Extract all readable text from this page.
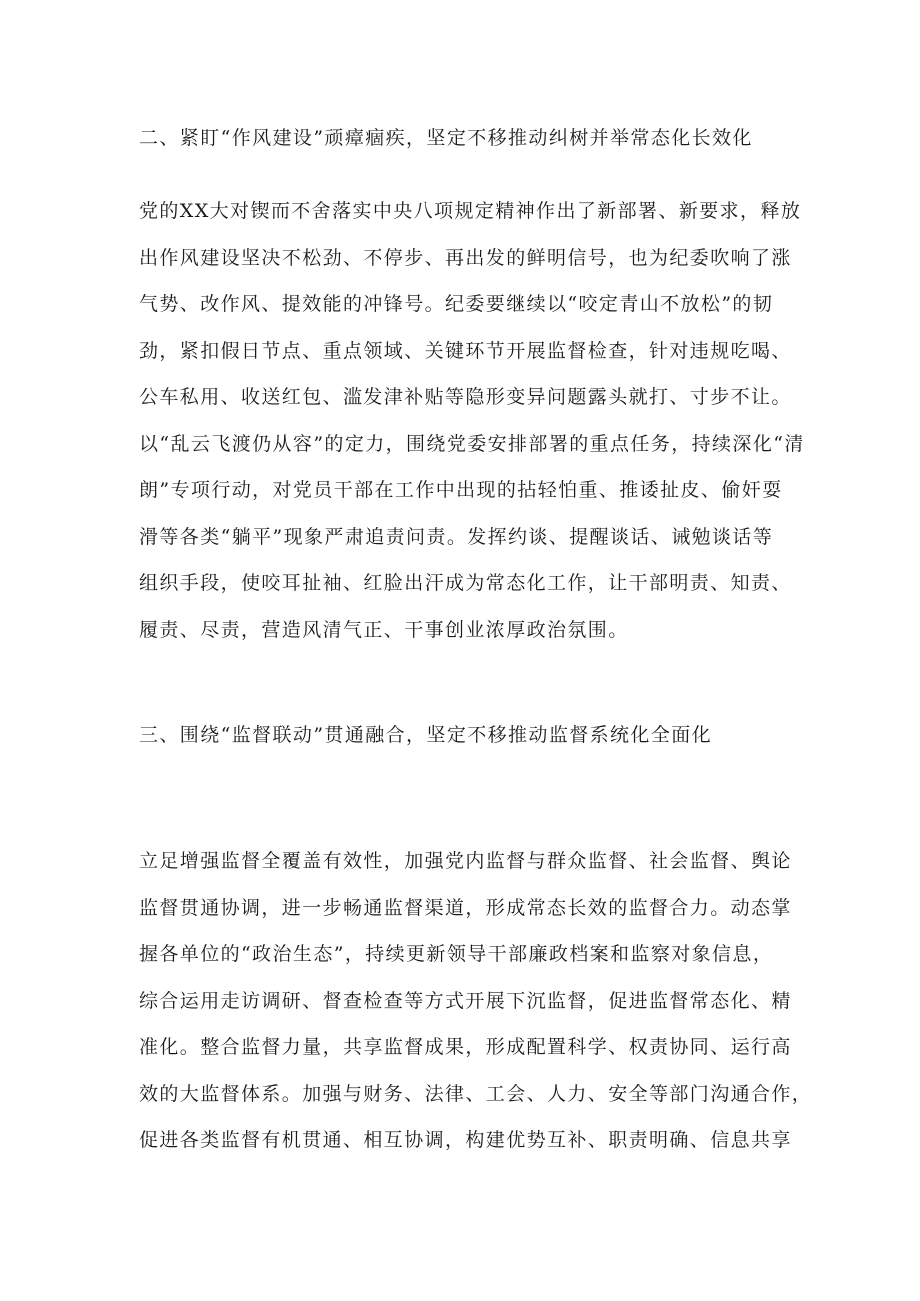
二、紧盯“作风建设”顽瘴痼疾，坚定不移推动纠树并举常态化长效化
党的XX大对锲而不舍落实中央八项规定精神作出了新部署、新要求，释放
出作风建设坚决不松劲、不停步、再出发的鲜明信号，也为纪委吹响了涨
气势、改作风、提效能的冲锋号。纪委要继续以“咬定青山不放松”的韧
劲，紧扣假日节点、重点领域、关键环节开展监督检查，针对违规吃喝、
公车私用、收送红包、滥发津补贴等隐形变异问题露头就打、寸步不让。
以“乱云飞渡仍从容”的定力，围绕党委安排部署的重点任务，持续深化“清
朗”专项行动，对党员干部在工作中出现的拈轻怕重、推诿扯皮、偷奸耍
滑等各类“躺平”现象严肃追责问责。发挥约谈、提醒谈话、诫勉谈话等
组织手段，使咬耳扯袖、红脸出汗成为常态化工作，让干部明责、知责、
履责、尽责，营造风清气正、干事创业浓厚政治氛围。
三、围绕“监督联动”贯通融合，坚定不移推动监督系统化全面化
立足增强监督全覆盖有效性，加强党内监督与群众监督、社会监督、舆论
监督贯通协调，进一步畅通监督渠道，形成常态长效的监督合力。动态掌
握各单位的“政治生态”，持续更新领导干部廉政档案和监察对象信息，
综合运用走访调研、督查检查等方式开展下沉监督，促进监督常态化、精
准化。整合监督力量，共享监督成果，形成配置科学、权责协同、运行高
效的大监督体系。加强与财务、法律、工会、人力、安全等部门沟通合作，
促进各类监督有机贯通、相互协调，构建优势互补、职责明确、信息共享
